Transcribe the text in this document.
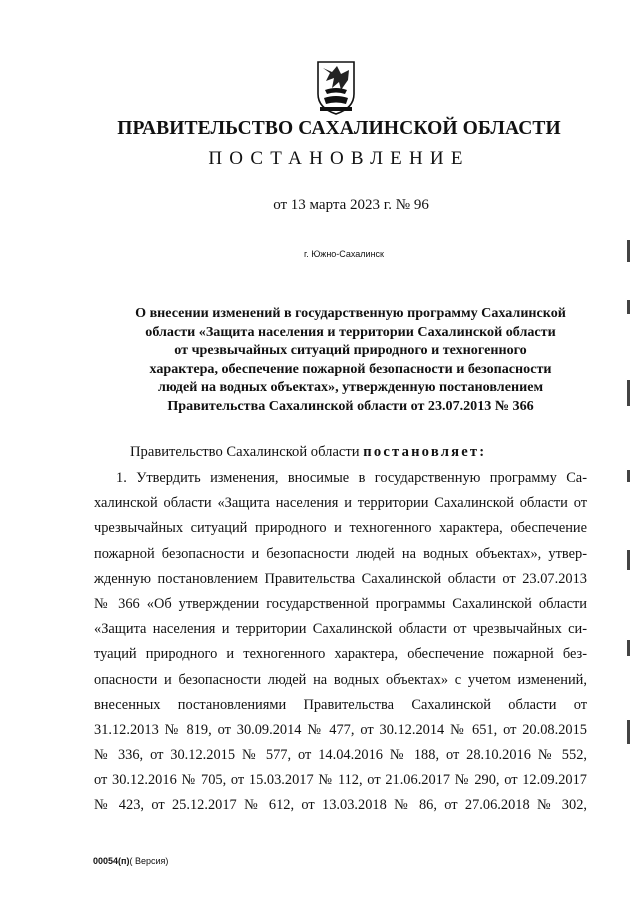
ПРАВИТЕЛЬСТВО САХАЛИНСКОЙ ОБЛАСТИ
ПОСТАНОВЛЕНИЕ
от 13 марта 2023 г. № 96
г. Южно-Сахалинск
О внесении изменений в государственную программу Сахалинской
области «Защита населения и территории Сахалинской области
от чрезвычайных ситуаций природного и техногенного
характера, обеспечение пожарной безопасности и безопасности
людей на водных объектах», утвержденную постановлением
Правительства Сахалинской области от 23.07.2013 № 366
Правительство Сахалинской области постановляет:
1. Утвердить изменения, вносимые в государственную программу Са-
халинской области «Защита населения и территории Сахалинской области от
чрезвычайных ситуаций природного и техногенного характера, обеспечение
пожарной безопасности и безопасности людей на водных объектах», утвер-
жденную постановлением Правительства Сахалинской области от 23.07.2013
№ 366 «Об утверждении государственной программы Сахалинской области
«Защита населения и территории Сахалинской области от чрезвычайных си-
туаций природного и техногенного характера, обеспечение пожарной без-
опасности и безопасности людей на водных объектах» с учетом изменений,
внесенных постановлениями Правительства Сахалинской области от
31.12.2013 № 819, от 30.09.2014 № 477, от 30.12.2014 № 651, от 20.08.2015
№ 336, от 30.12.2015 № 577, от 14.04.2016 № 188, от 28.10.2016 № 552,
от 30.12.2016 № 705, от 15.03.2017 № 112, от 21.06.2017 № 290, от 12.09.2017
№ 423, от 25.12.2017 № 612, от 13.03.2018 № 86, от 27.06.2018 № 302,
00054(п)( Версия)
